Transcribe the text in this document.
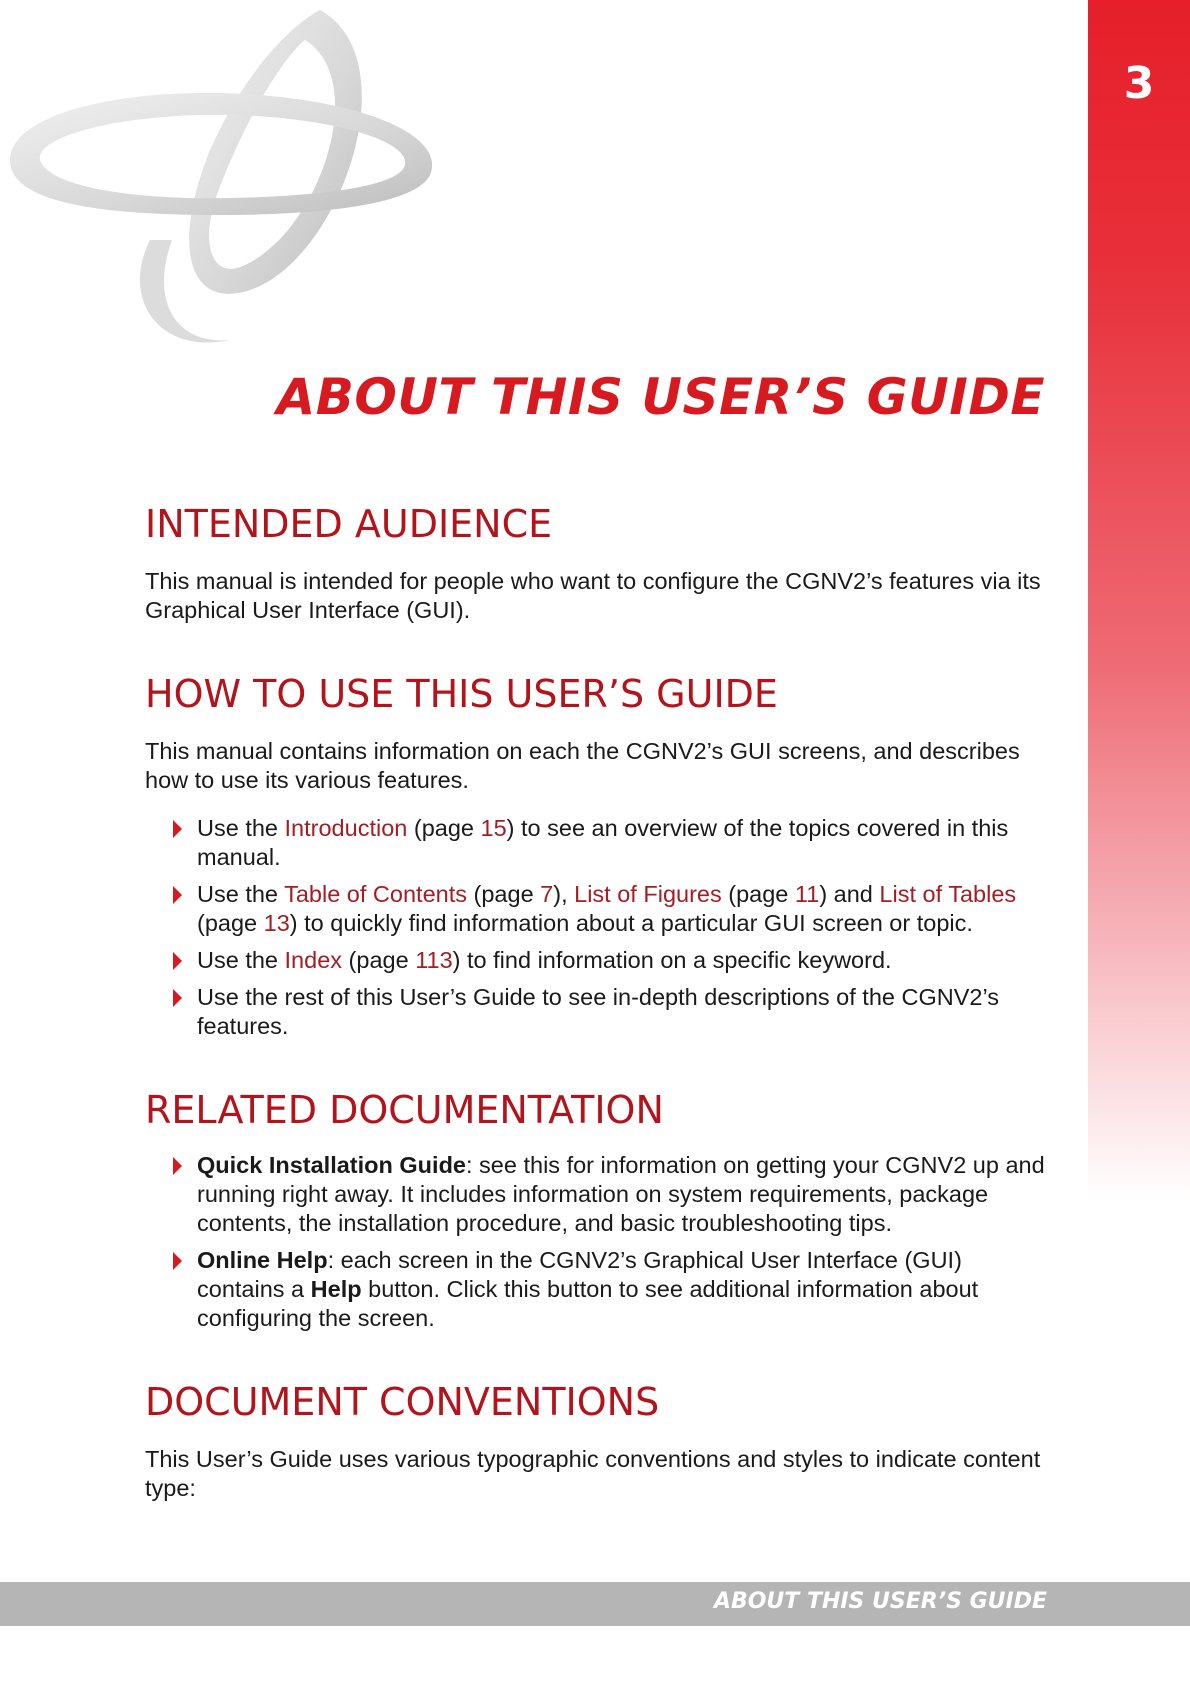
3
ABOUT THIS USER’S GUIDE
INTENDED AUDIENCE

This manual is intended for people who want to configure the CGNV2’s features via its Graphical User Interface (GUI).

HOW TO USE THIS USER’S GUIDE

This manual contains information on each the CGNV2’s GUI screens, and describes how to use its various features.

Use the Introduction (page 15) to see an overview of the topics covered in this manual.
Use the Table of Contents (page 7), List of Figures (page 11) and List of Tables (page 13) to quickly find information about a particular GUI screen or topic.
Use the Index (page 113) to find information on a specific keyword.
Use the rest of this User’s Guide to see in-depth descriptions of the CGNV2’s features.
RELATED DOCUMENTATION
Quick Installation Guide: see this for information on getting your CGNV2 up and running right away. It includes information on system requirements, package contents, the installation procedure, and basic troubleshooting tips.
Online Help: each screen in the CGNV2’s Graphical User Interface (GUI) contains a Help button. Click this button to see additional information about configuring the screen.
DOCUMENT CONVENTIONS

This User’s Guide uses various typographic conventions and styles to indicate content type:

ABOUT THIS USER’S GUIDE
